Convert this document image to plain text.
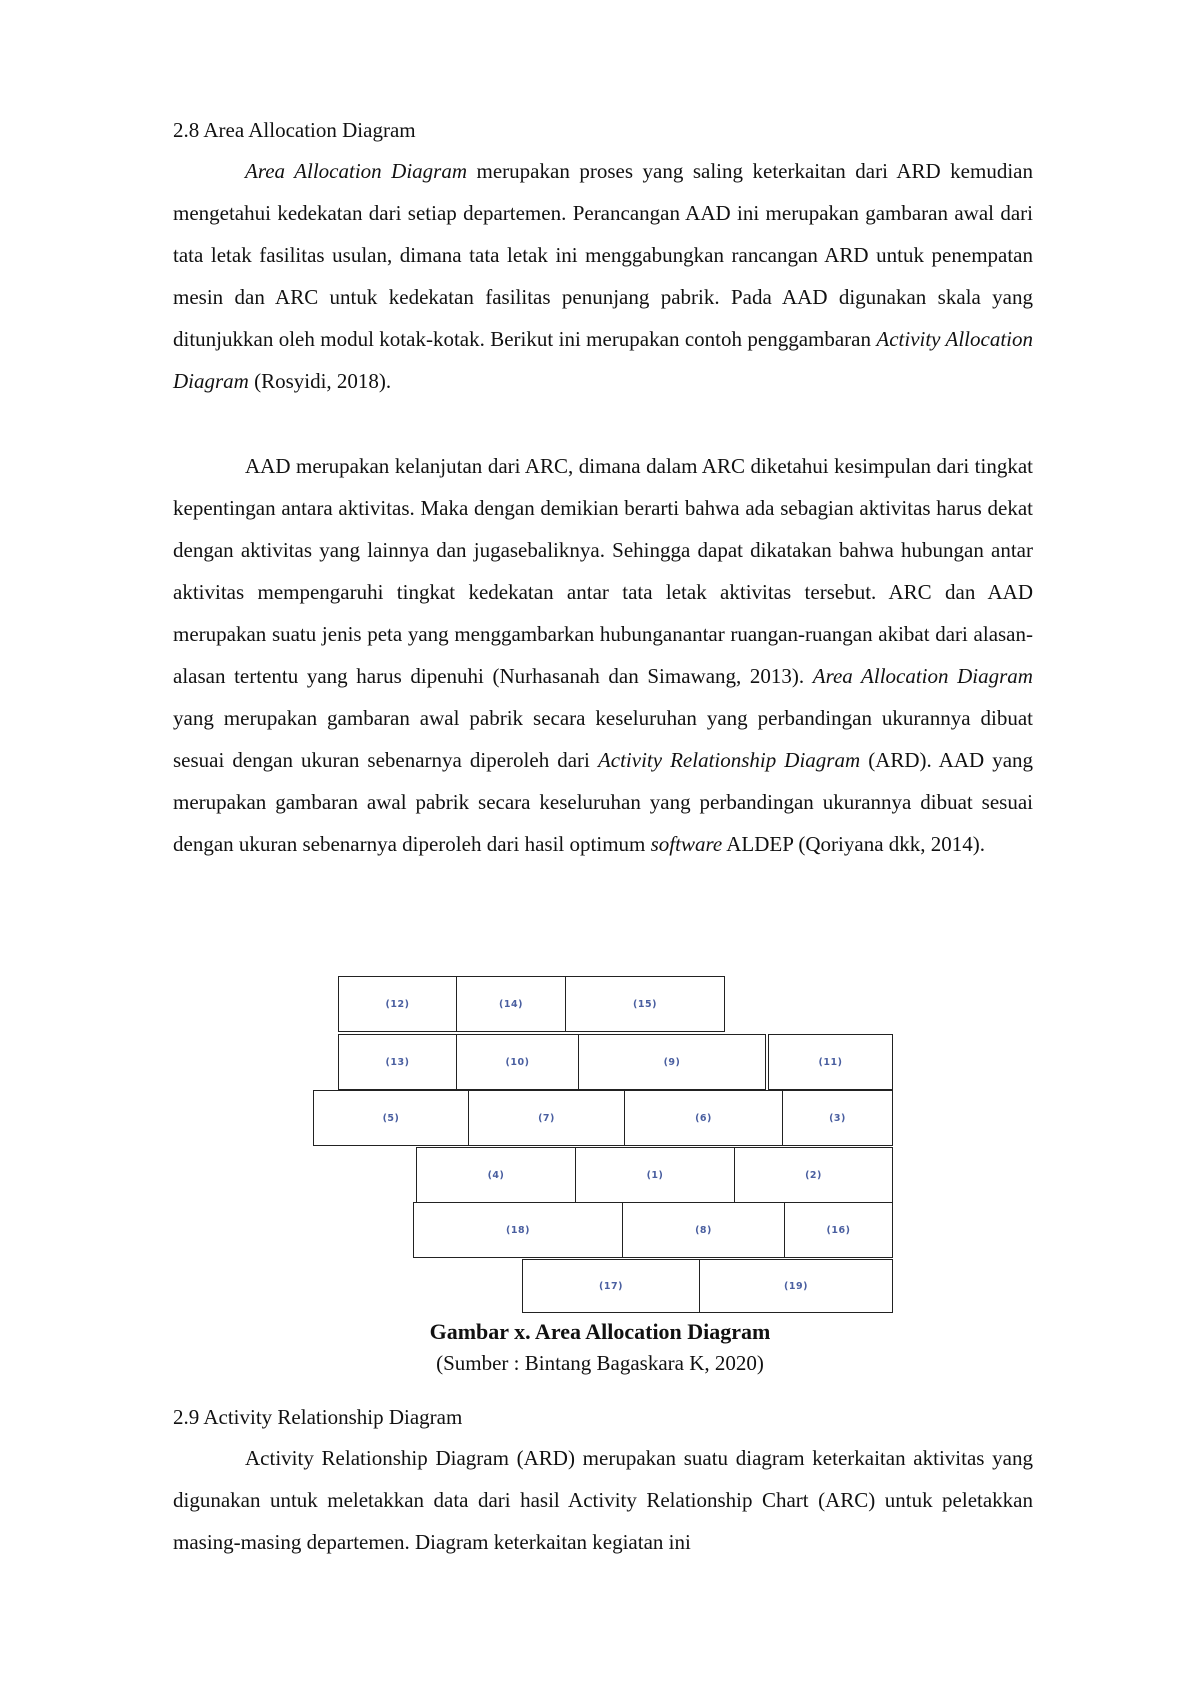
2.8 Area Allocation Diagram

Area Allocation Diagram merupakan proses yang saling keterkaitan dari ARD kemudian mengetahui kedekatan dari setiap departemen. Perancangan AAD ini merupakan gambaran awal dari tata letak fasilitas usulan, dimana tata letak ini menggabungkan rancangan ARD untuk penempatan mesin dan ARC untuk kedekatan fasilitas penunjang pabrik. Pada AAD digunakan skala yang ditunjukkan oleh modul kotak-kotak. Berikut ini merupakan contoh penggambaran Activity Allocation Diagram (Rosyidi, 2018).

AAD merupakan kelanjutan dari ARC, dimana dalam ARC diketahui kesimpulan dari tingkat kepentingan antara aktivitas. Maka dengan demikian berarti bahwa ada sebagian aktivitas harus dekat dengan aktivitas yang lainnya dan jugasebaliknya. Sehingga dapat dikatakan bahwa hubungan antar aktivitas mempengaruhi tingkat kedekatan antar tata letak aktivitas tersebut. ARC dan AAD merupakan suatu jenis peta yang menggambarkan hubunganantar ruangan-ruangan akibat dari alasan-alasan tertentu yang harus dipenuhi (Nurhasanah dan Simawang, 2013). Area Allocation Diagram yang merupakan gambaran awal pabrik secara keseluruhan yang perbandingan ukurannya dibuat sesuai dengan ukuran sebenarnya diperoleh dari Activity Relationship Diagram (ARD). AAD yang merupakan gambaran awal pabrik secara keseluruhan yang perbandingan ukurannya dibuat sesuai dengan ukuran sebenarnya diperoleh dari hasil optimum software ALDEP (Qoriyana dkk, 2014).

(12)	(14)	(15)
(13)	(10)	(9)	(11)
(5)	(7)	(6)	(3)
(4)	(1)	(2)
(18)	(8)	(16)
(17)	(19)
Gambar x. Area Allocation Diagram
(Sumber : Bintang Bagaskara K, 2020)
2.9 Activity Relationship Diagram

Activity Relationship Diagram (ARD) merupakan suatu diagram keterkaitan aktivitas yang digunakan untuk meletakkan data dari hasil Activity Relationship Chart (ARC) untuk peletakkan masing-masing departemen. Diagram keterkaitan kegiatan ini
